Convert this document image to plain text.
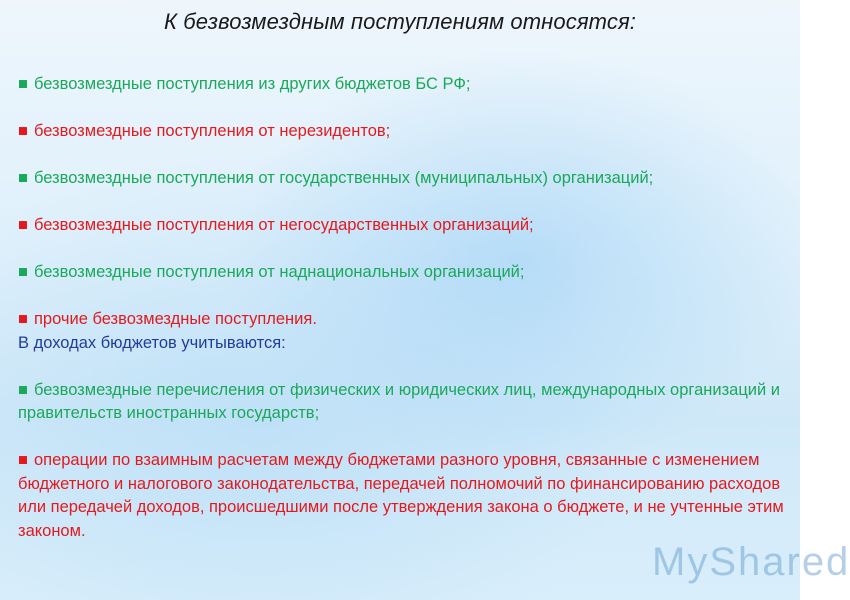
К безвозмездным поступлениям относятся:

■ безвозмездные поступления из других бюджетов БС РФ;

■ безвозмездные поступления от нерезидентов;

■ безвозмездные поступления от государственных (муниципальных) организаций;

■ безвозмездные поступления от негосударственных организаций;

■ безвозмездные поступления от наднациональных организаций;

■ прочие безвозмездные поступления.

В доходах бюджетов учитываются:

■ безвозмездные перечисления от физических и юридических лиц, международных организаций и правительств иностранных государств;

■ операции по взаимным расчетам между бюджетами разного уровня, связанные с изменением бюджетного и налогового законодательства, передачей полномочий по финансированию расходов или передачей доходов, происшедшими после утверждения закона о бюджете, и не учтенные этим законом.

MyShared
